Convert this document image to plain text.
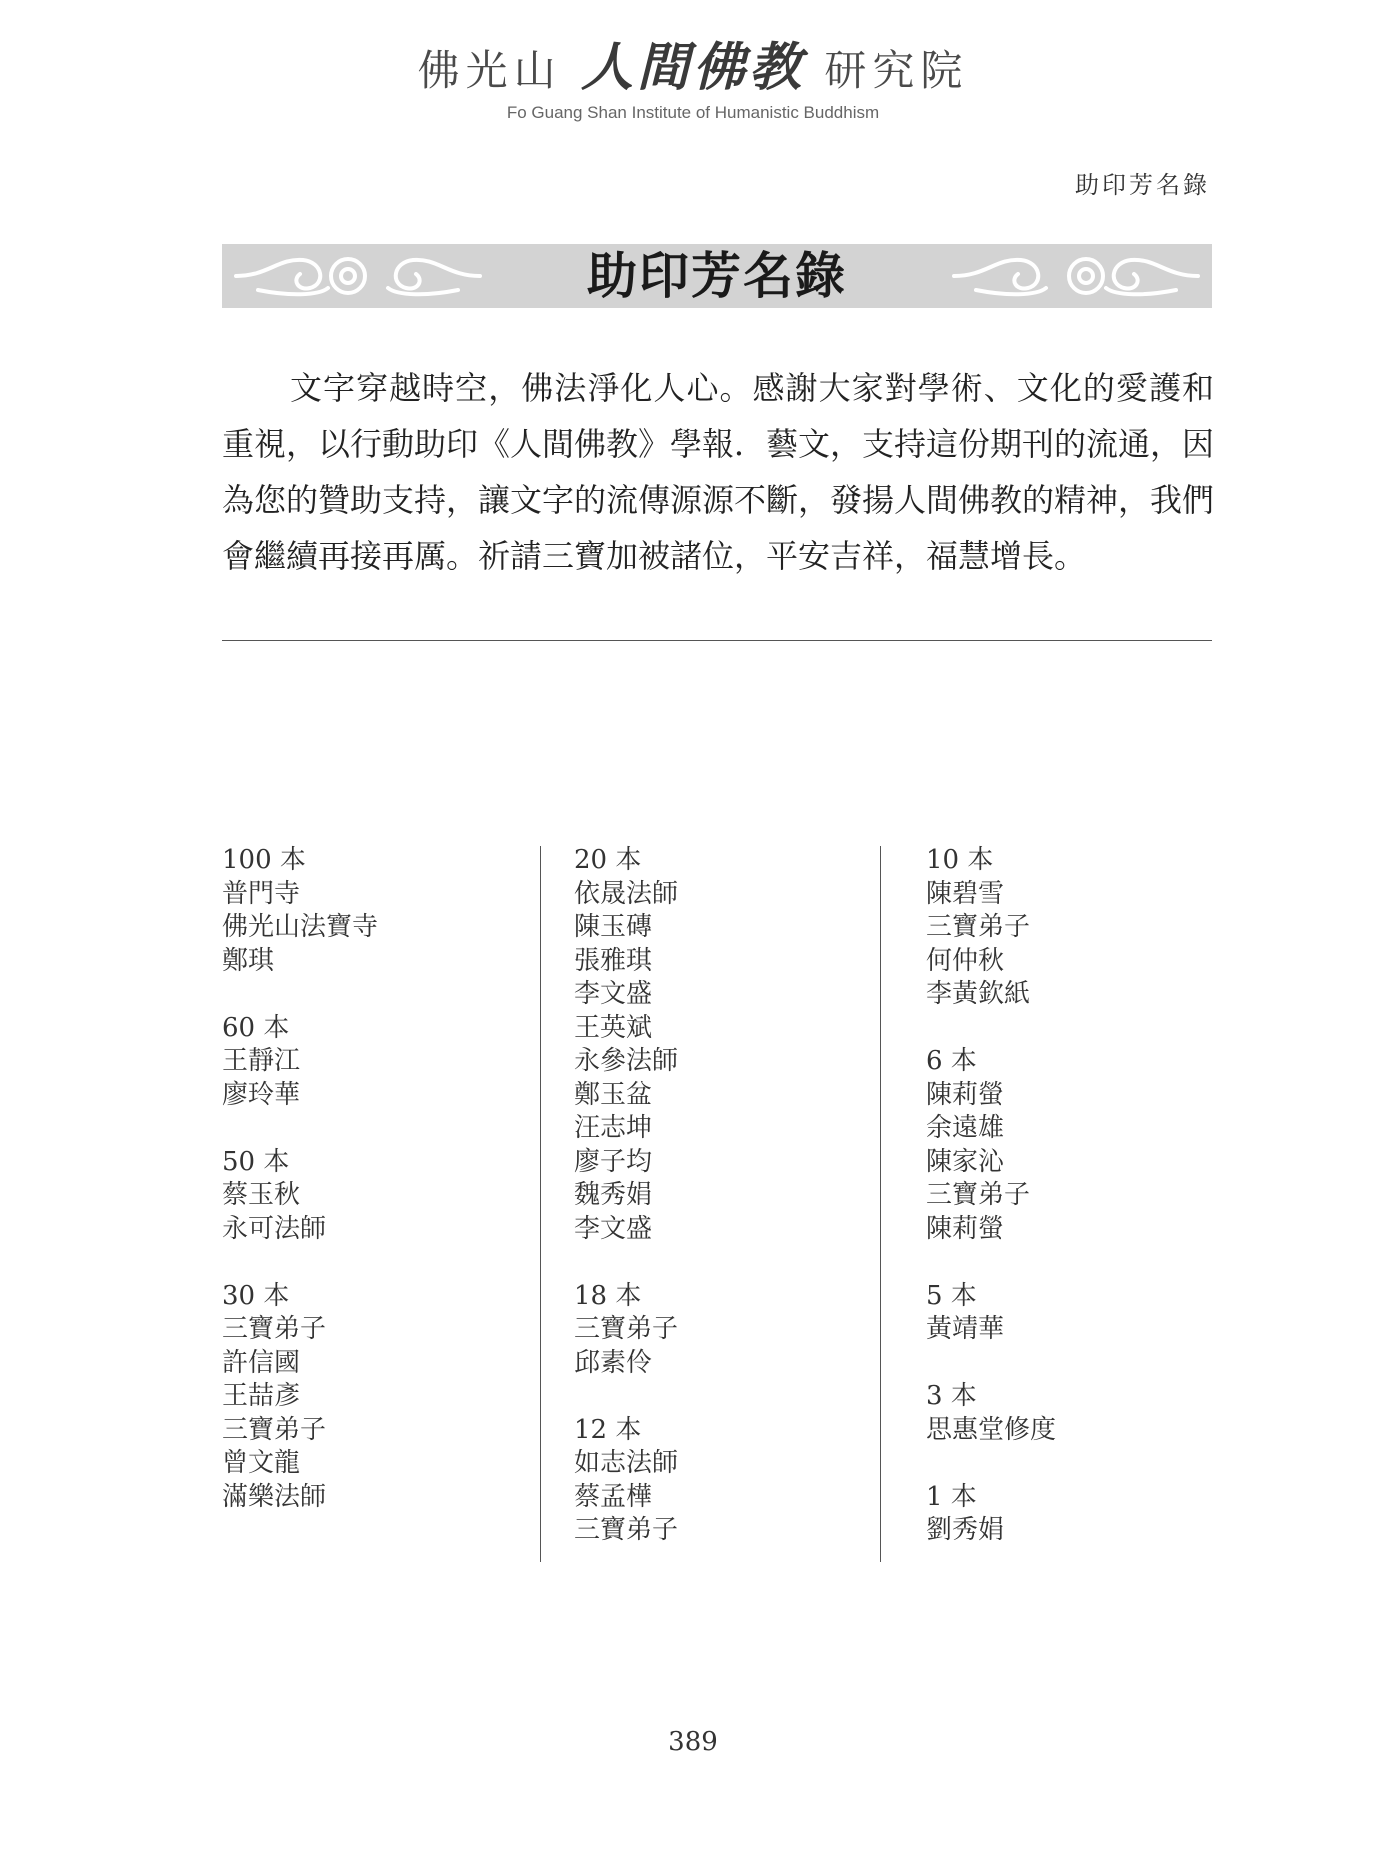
佛光山 人間佛教 研究院
Fo Guang Shan Institute of Humanistic Buddhism
助印芳名錄
助印芳名錄

文字穿越時空，佛法淨化人心。感謝大家對學術、文化的愛護和重視，以行動助印《人間佛教》學報．藝文，支持這份期刊的流通，因為您的贊助支持，讓文字的流傳源源不斷，發揚人間佛教的精神，我們會繼續再接再厲。祈請三寶加被諸位，平安吉祥，福慧增長。

100 本
普門寺
佛光山法寶寺
鄭琪
60 本
王靜江
廖玲華
50 本
蔡玉秋
永可法師
30 本
三寶弟子
許信國
王喆彥
三寶弟子
曾文龍
滿樂法師
20 本
依晟法師
陳玉磚
張雅琪
李文盛
王英斌
永參法師
鄭玉盆
汪志坤
廖子均
魏秀娟
李文盛
18 本
三寶弟子
邱素伶
12 本
如志法師
蔡孟樺
三寶弟子
10 本
陳碧雪
三寶弟子
何仲秋
李黃欽紙
6 本
陳莉螢
余遠雄
陳家沁
三寶弟子
陳莉螢
5 本
黃靖華
3 本
思惠堂修度
1 本
劉秀娟
389
